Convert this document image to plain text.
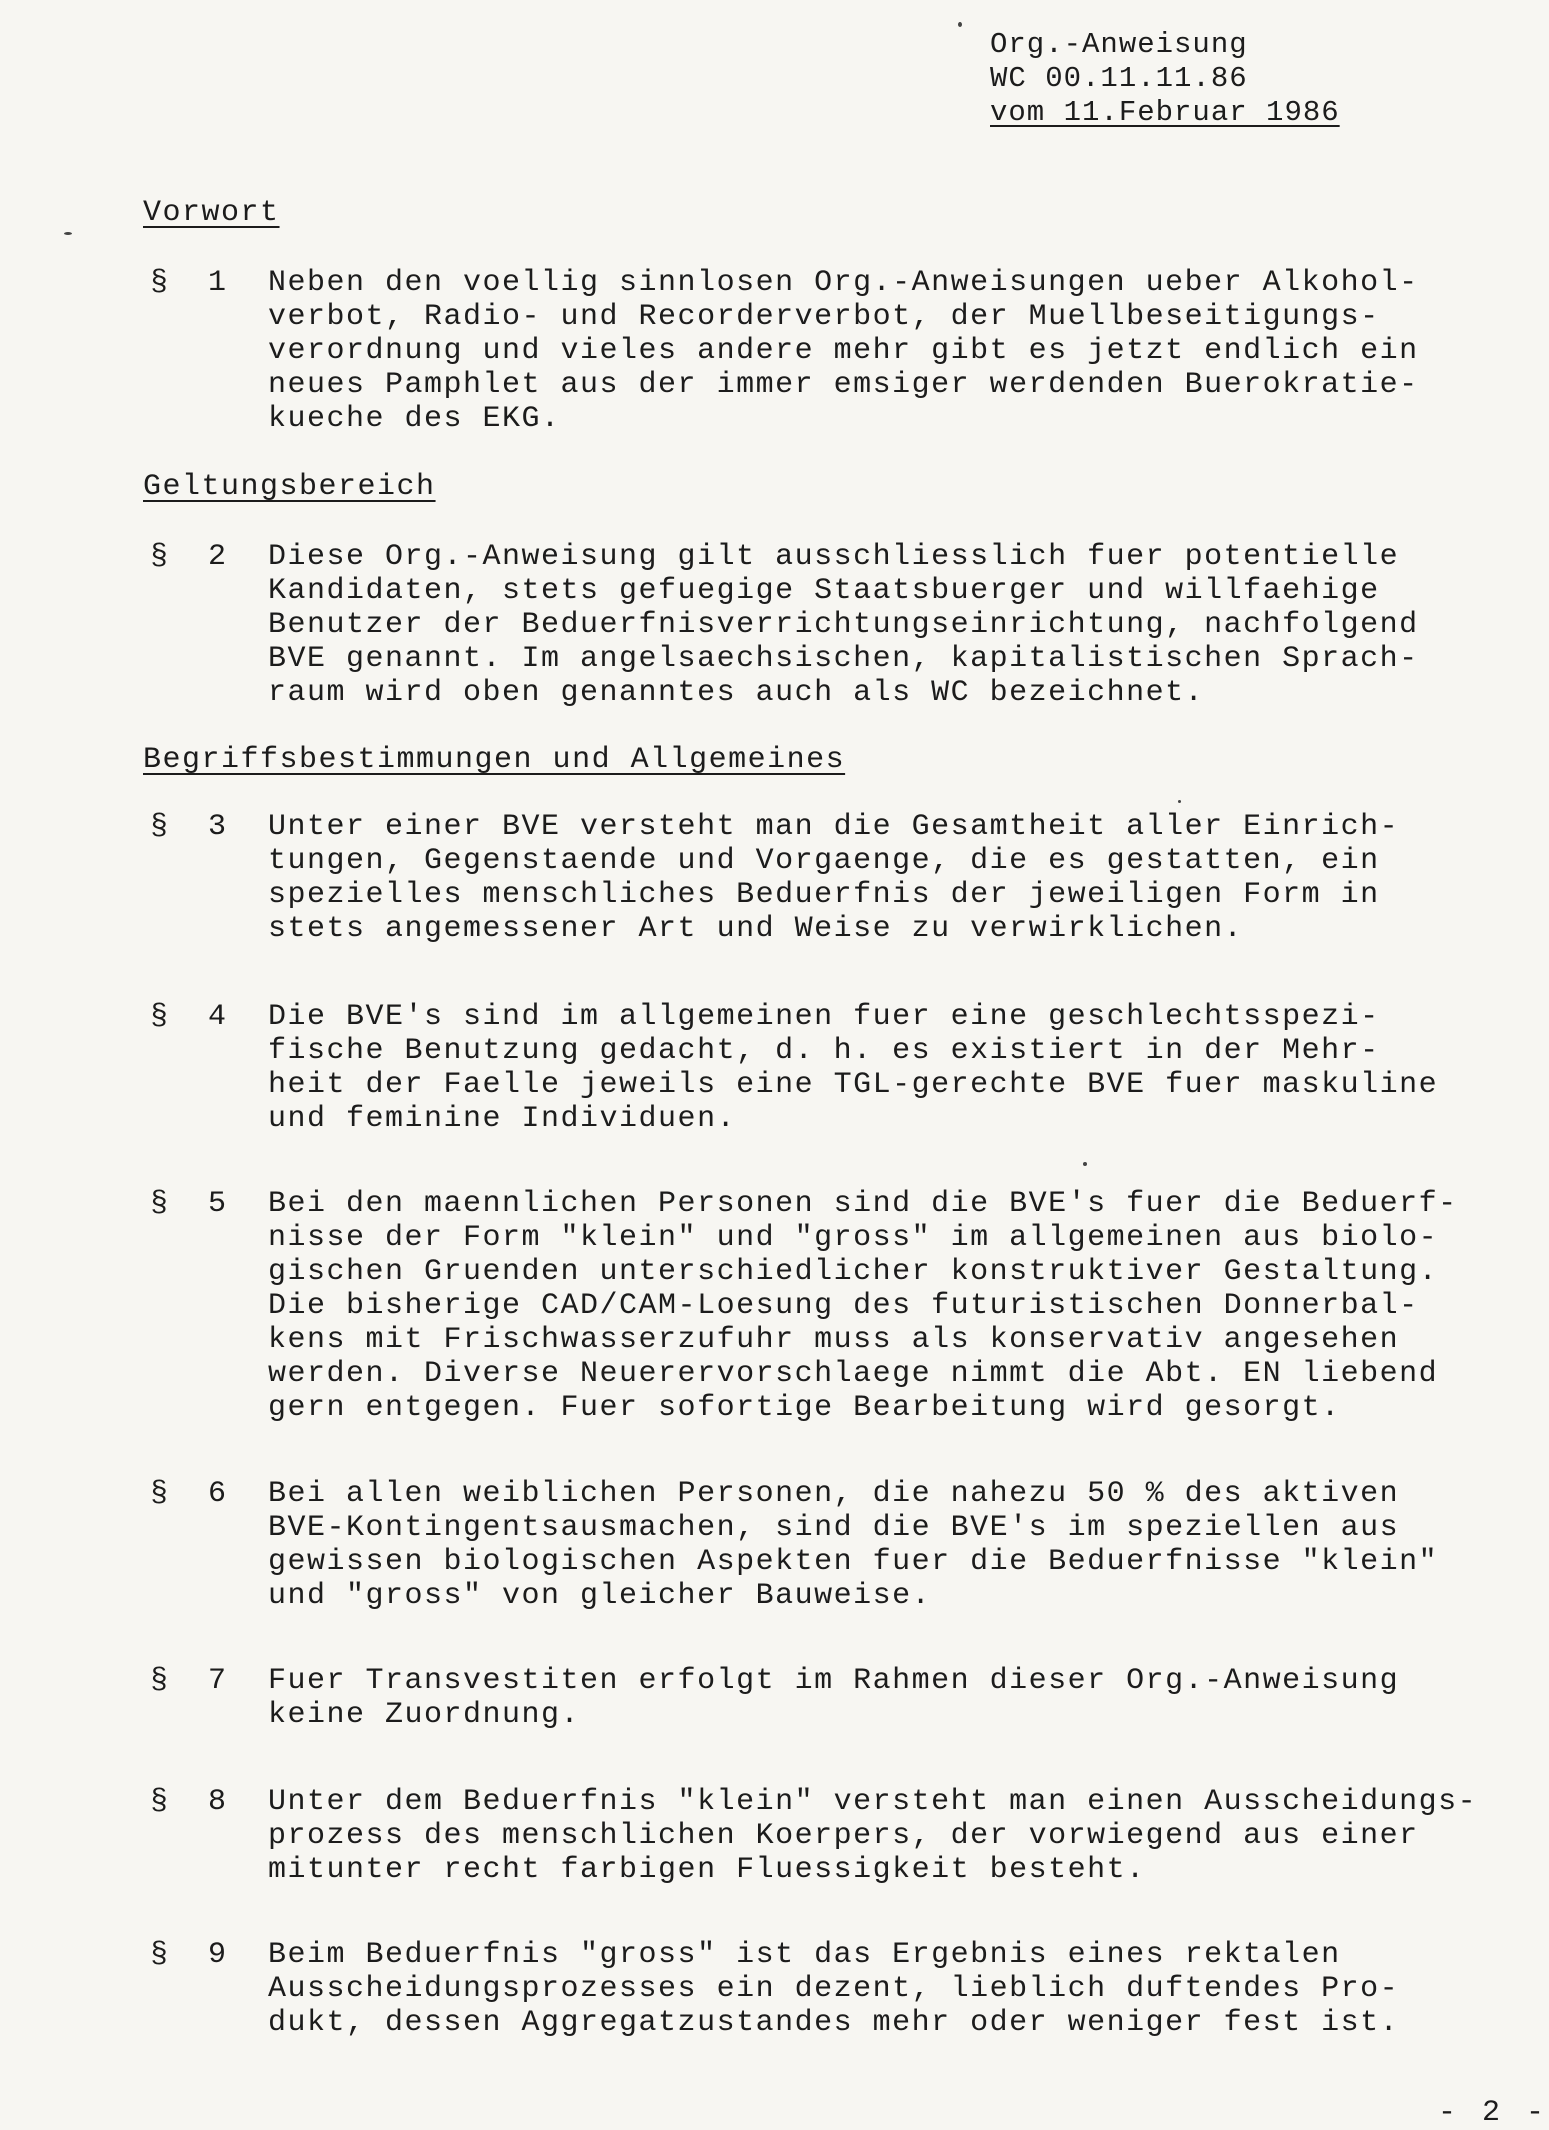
Org.-Anweisung
WC 00.11.11.86
vom 11.Februar 1986
Vorwort
§ 1 Neben den voellig sinnlosen Org.-Anweisungen ueber Alkohol-
verbot, Radio- und Recorderverbot, der Muellbeseitigungs-
verordnung und vieles andere mehr gibt es jetzt endlich ein
neues Pamphlet aus der immer emsiger werdenden Buerokratie-
kueche des EKG.
Geltungsbereich
§ 2 Diese Org.-Anweisung gilt ausschliesslich fuer potentielle
Kandidaten, stets gefuegige Staatsbuerger und willfaehige
Benutzer der Beduerfnisverrichtungseinrichtung, nachfolgend
BVE genannt. Im angelsaechsischen, kapitalistischen Sprach-
raum wird oben genanntes auch als WC bezeichnet.
Begriffsbestimmungen und Allgemeines
§ 3 Unter einer BVE versteht man die Gesamtheit aller Einrich-
tungen, Gegenstaende und Vorgaenge, die es gestatten, ein
spezielles menschliches Beduerfnis der jeweiligen Form in
stets angemessener Art und Weise zu verwirklichen.
§ 4 Die BVE's sind im allgemeinen fuer eine geschlechtsspezi-
fische Benutzung gedacht, d. h. es existiert in der Mehr-
heit der Faelle jeweils eine TGL-gerechte BVE fuer maskuline
und feminine Individuen.
§ 5 Bei den maennlichen Personen sind die BVE's fuer die Beduerf-
nisse der Form "klein" und "gross" im allgemeinen aus biolo-
gischen Gruenden unterschiedlicher konstruktiver Gestaltung.
Die bisherige CAD/CAM-Loesung des futuristischen Donnerbal-
kens mit Frischwasserzufuhr muss als konservativ angesehen
werden. Diverse Neuerervorschlaege nimmt die Abt. EN liebend
gern entgegen. Fuer sofortige Bearbeitung wird gesorgt.
§ 6 Bei allen weiblichen Personen, die nahezu 50 % des aktiven
BVE-Kontingentsausmachen, sind die BVE's im speziellen aus
gewissen biologischen Aspekten fuer die Beduerfnisse "klein"
und "gross" von gleicher Bauweise.
§ 7 Fuer Transvestiten erfolgt im Rahmen dieser Org.-Anweisung
keine Zuordnung.
§ 8 Unter dem Beduerfnis "klein" versteht man einen Ausscheidungs-
prozess des menschlichen Koerpers, der vorwiegend aus einer
mitunter recht farbigen Fluessigkeit besteht.
§ 9 Beim Beduerfnis "gross" ist das Ergebnis eines rektalen
Ausscheidungsprozesses ein dezent, lieblich duftendes Pro-
dukt, dessen Aggregatzustandes mehr oder weniger fest ist.
- 2 -
